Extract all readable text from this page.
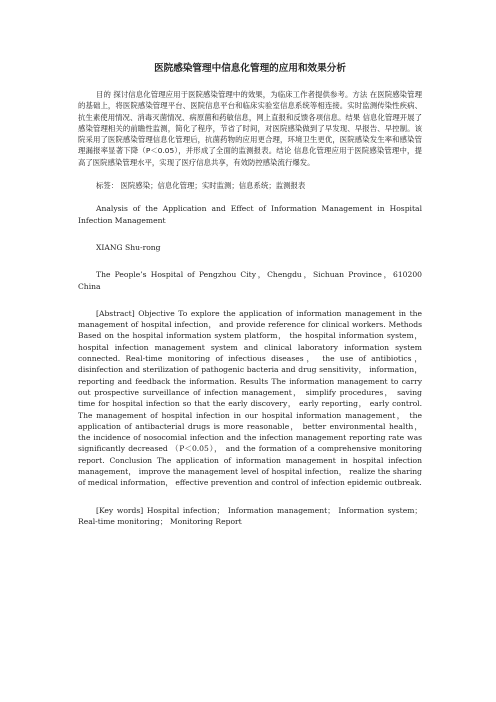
医院感染管理中信息化管理的应用和效果分析

目的 探讨信息化管理应用于医院感染管理中的效果，为临床工作者提供参考。方法 在医院感染管理的基础上，将医院感染管理平台、医院信息平台和临床实验室信息系统等相连接。实时监测传染性疾病、抗生素使用情况、消毒灭菌情况、病原菌和药敏信息，网上直报和反馈各项信息。结果 信息化管理开展了感染管理相关的前瞻性监测，简化了程序，节省了时间，对医院感染做到了早发现、早报告、早控制。该院采用了医院感染管理信息化管理后，抗菌药物的应用更合理，环境卫生更优，医院感染发生率和感染管理漏报率显著下降（P＜0.05），并形成了全面的监测报表。结论 信息化管理应用于医院感染管理中，提高了医院感染管理水平，实现了医疗信息共享，有效防控感染流行爆发。

标签： 医院感染；信息化管理；实时监测；信息系统；监测报表

Analysis of the Application and Effect of Information Management in Hospital Infection Management

XIANG Shu-rong

The People’s Hospital of Pengzhou City，Chengdu，Sichuan Province，610200 China

[Abstract] Objective To explore the application of information management in the management of hospital infection， and provide reference for clinical workers. Methods Based on the hospital information system platform， the hospital information system， hospital infection management system and clinical laboratory information system connected. Real-time monitoring of infectious diseases， the use of antibiotics， disinfection and sterilization of pathogenic bacteria and drug sensitivity， information， reporting and feedback the information. Results The information management to carry out prospective surveillance of infection management， simplify procedures， saving time for hospital infection so that the early discovery， early reporting， early control. The management of hospital infection in our hospital information management， the application of antibacterial drugs is more reasonable， better environmental health， the incidence of nosocomial infection and the infection management reporting rate was significantly decreased （P＜0.05）， and the formation of a comprehensive monitoring report. Conclusion The application of information management in hospital infection management， improve the management level of hospital infection， realize the sharing of medical information， effective prevention and control of infection epidemic outbreak.

[Key words] Hospital infection； Information management； Information system； Real-time monitoring； Monitoring Report
